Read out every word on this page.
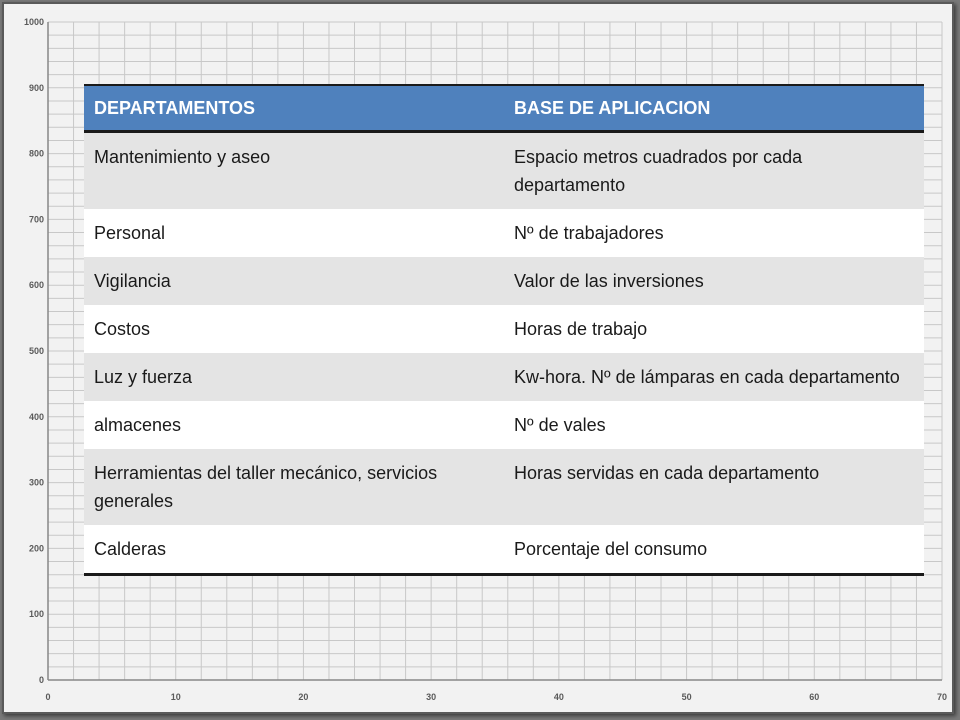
1000
900
800
700
600
500
400
300
200
100
0
0	10	20	30	40	50	60	70
DEPARTAMENTOS	BASE DE APLICACION
Mantenimiento y aseo	Espacio metros cuadrados por cada departamento
Personal	Nº de trabajadores
Vigilancia	Valor de las inversiones
Costos	Horas de trabajo
Luz y fuerza	Kw-hora. Nº de lámparas en cada departamento
almacenes	Nº de vales
Herramientas del taller mecánico, servicios generales	Horas servidas en cada departamento
Calderas	Porcentaje del consumo
